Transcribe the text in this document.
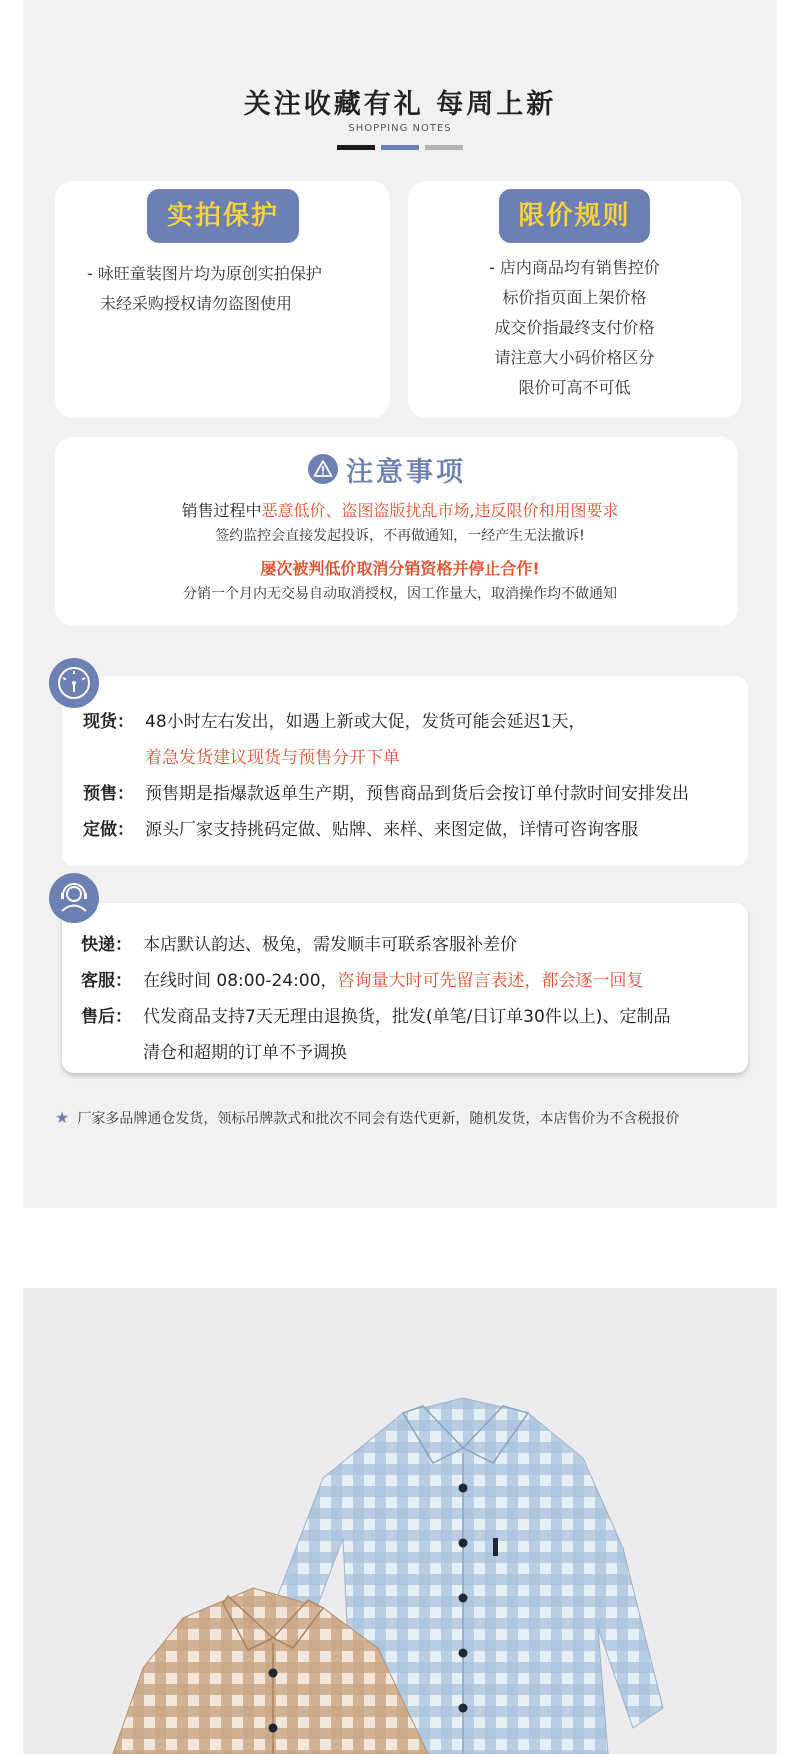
关注收藏有礼 每周上新
SHOPPING NOTES
实拍保护
- 咏旺童装图片均为原创实拍保护
未经采购授权请勿盗图使用
限价规则
- 店内商品均有销售控价
标价指页面上架价格
成交价指最终支付价格
请注意大小码价格区分
限价可高不可低
注意事项
销售过程中恶意低价、盗图盗版扰乱市场,违反限价和用图要求
签约监控会直接发起投诉，不再做通知，一经产生无法撤诉!
屡次被判低价取消分销资格并停止合作!
分销一个月内无交易自动取消授权，因工作量大，取消操作均不做通知
现货： 48小时左右发出，如遇上新或大促，发货可能会延迟1天，
着急发货建议现货与预售分开下单
预售： 预售期是指爆款返单生产期，预售商品到货后会按订单付款时间安排发出
定做： 源头厂家支持挑码定做、贴牌、来样、来图定做，详情可咨询客服
快递： 本店默认韵达、极兔，需发顺丰可联系客服补差价
客服： 在线时间 08:00-24:00，咨询量大时可先留言表述，都会逐一回复
售后： 代发商品支持7天无理由退换货，批发(单笔/日订单30件以上)、定制品
清仓和超期的订单不予调换
★ 厂家多品牌通仓发货，领标吊牌款式和批次不同会有迭代更新，随机发货，本店售价为不含税报价
